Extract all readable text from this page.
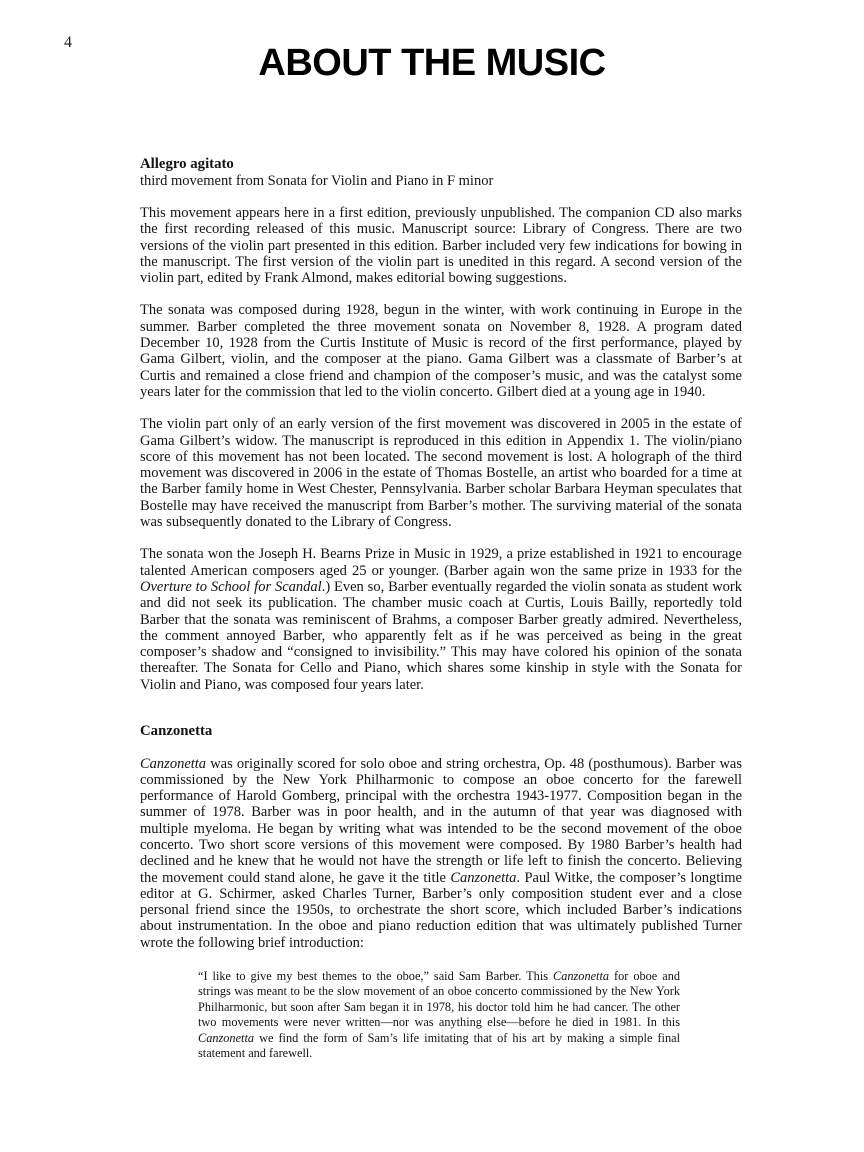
4	ABOUT THE MUSIC
Allegro agitato

third movement from Sonata for Violin and Piano in F minor

This movement appears here in a first edition, previously unpublished. The companion CD also marks the first recording released of this music. Manuscript source: Library of Congress. There are two versions of the violin part presented in this edition. Barber included very few indications for bowing in the manuscript. The first version of the violin part is unedited in this regard. A second version of the violin part, edited by Frank Almond, makes editorial bowing suggestions.

The sonata was composed during 1928, begun in the winter, with work continuing in Europe in the summer. Barber completed the three movement sonata on November 8, 1928. A program dated December 10, 1928 from the Curtis Institute of Music is record of the first performance, played by Gama Gilbert, violin, and the composer at the piano. Gama Gilbert was a classmate of Barber’s at Curtis and remained a close friend and champion of the composer’s music, and was the catalyst some years later for the commission that led to the violin concerto. Gilbert died at a young age in 1940.

The violin part only of an early version of the first movement was discovered in 2005 in the estate of Gama Gilbert’s widow. The manuscript is reproduced in this edition in Appendix 1. The violin/piano score of this movement has not been located. The second movement is lost. A holograph of the third movement was discovered in 2006 in the estate of Thomas Bostelle, an artist who boarded for a time at the Barber family home in West Chester, Pennsylvania. Barber scholar Barbara Heyman speculates that Bostelle may have received the manuscript from Barber’s mother. The surviving material of the sonata was subsequently donated to the Library of Congress.

The sonata won the Joseph H. Bearns Prize in Music in 1929, a prize established in 1921 to encourage talented American composers aged 25 or younger. (Barber again won the same prize in 1933 for the Overture to School for Scandal.) Even so, Barber eventually regarded the violin sonata as student work and did not seek its publication. The chamber music coach at Curtis, Louis Bailly, reportedly told Barber that the sonata was reminiscent of Brahms, a composer Barber greatly admired. Nevertheless, the comment annoyed Barber, who apparently felt as if he was perceived as being in the great composer’s shadow and “consigned to invisibility.” This may have colored his opinion of the sonata thereafter. The Sonata for Cello and Piano, which shares some kinship in style with the Sonata for Violin and Piano, was composed four years later.

Canzonetta

Canzonetta was originally scored for solo oboe and string orchestra, Op. 48 (posthumous). Barber was commissioned by the New York Philharmonic to compose an oboe concerto for the farewell performance of Harold Gomberg, principal with the orchestra 1943-1977. Composition began in the summer of 1978. Barber was in poor health, and in the autumn of that year was diagnosed with multiple myeloma. He began by writing what was intended to be the second movement of the oboe concerto. Two short score versions of this movement were composed. By 1980 Barber’s health had declined and he knew that he would not have the strength or life left to finish the concerto. Believing the movement could stand alone, he gave it the title Canzonetta. Paul Witke, the composer’s longtime editor at G. Schirmer, asked Charles Turner, Barber’s only composition student ever and a close personal friend since the 1950s, to orchestrate the short score, which included Barber’s indications about instrumentation. In the oboe and piano reduction edition that was ultimately published Turner wrote the following brief introduction:

“I like to give my best themes to the oboe,” said Sam Barber. This Canzonetta for oboe and strings was meant to be the slow movement of an oboe concerto commissioned by the New York Philharmonic, but soon after Sam began it in 1978, his doctor told him he had cancer. The other two movements were never written—nor was anything else—before he died in 1981. In this Canzonetta we find the form of Sam’s life imitating that of his art by making a simple final statement and farewell.
